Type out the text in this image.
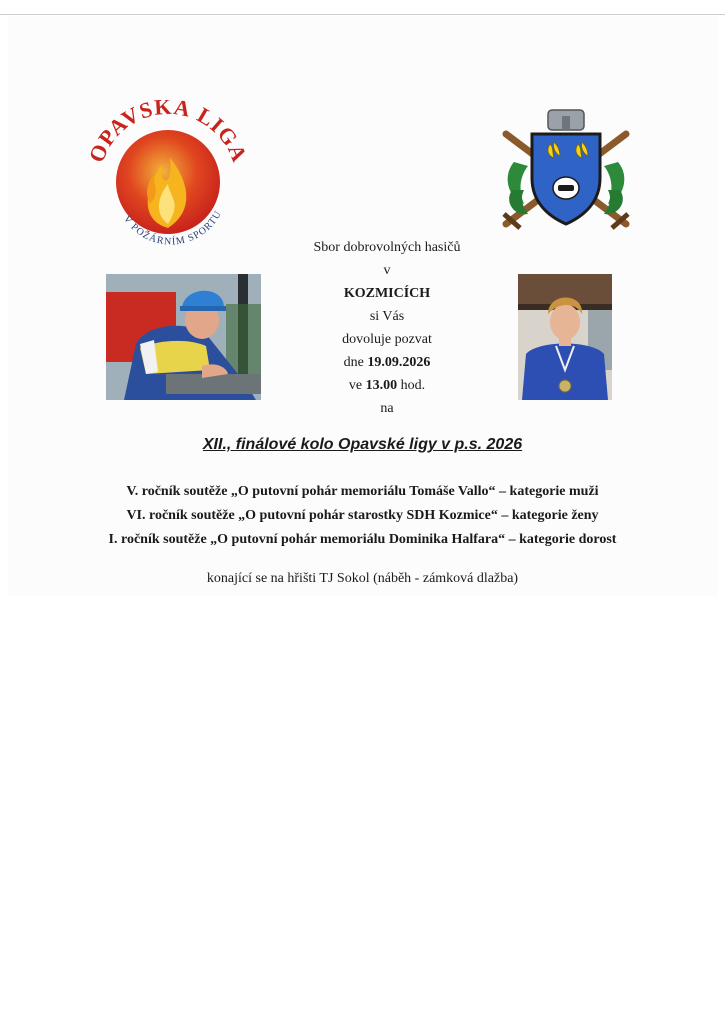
PAVSKÁ LIG
V POŽÁRNÍM SPORTU
Sbor dobrovolných hasičů
v
KOZMICÍCH
si Vás
dovoluje pozvat
dne 19.09.2026
ve 13.00 hod.
na
XII., finálové kolo Opavské ligy v p.s. 2026
V. ročník soutěže „O putovní pohár memoriálu Tomáše Vallo“ – kategorie muži
VI. ročník soutěže „O putovní pohár starostky SDH Kozmice“ – kategorie ženy
I. ročník soutěže „O putovní pohár memoriálu Dominika Halfara“ – kategorie dorost
konající se na hřišti TJ Sokol (náběh - zámková dlažba)
